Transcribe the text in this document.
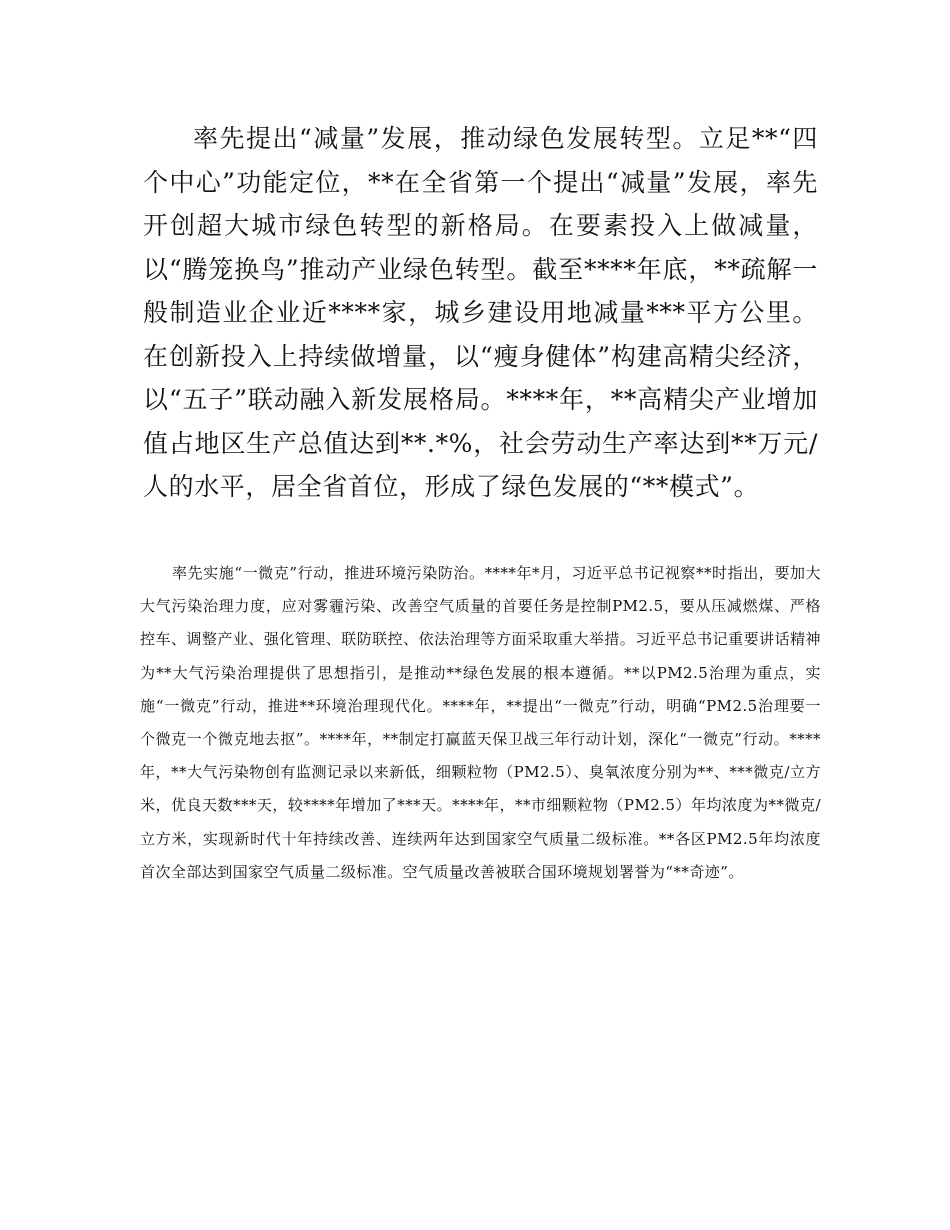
率先提出“减量”发展，推动绿色发展转型。立足**“四个中心”功能定位，**在全省第一个提出“减量”发展，率先开创超大城市绿色转型的新格局。在要素投入上做减量，以“腾笼换鸟”推动产业绿色转型。截至****年底，**疏解一般制造业企业近****家，城乡建设用地减量***平方公里。在创新投入上持续做增量，以“瘦身健体”构建高精尖经济，以“五子”联动融入新发展格局。****年，**高精尖产业增加值占地区生产总值达到**.*%，社会劳动生产率达到**万元/人的水平，居全省首位，形成了绿色发展的“**模式”。

率先实施“一微克”行动，推进环境污染防治。****年*月，习近平总书记视察**时指出，要加大大气污染治理力度，应对雾霾污染、改善空气质量的首要任务是控制PM2.5，要从压减燃煤、严格控车、调整产业、强化管理、联防联控、依法治理等方面采取重大举措。习近平总书记重要讲话精神为**大气污染治理提供了思想指引，是推动**绿色发展的根本遵循。**以PM2.5治理为重点，实施“一微克”行动，推进**环境治理现代化。****年，**提出“一微克”行动，明确“PM2.5治理要一个微克一个微克地去抠”。****年，**制定打赢蓝天保卫战三年行动计划，深化“一微克”行动。****年，**大气污染物创有监测记录以来新低，细颗粒物（PM2.5）、臭氧浓度分别为**、***微克/立方米，优良天数***天，较****年增加了***天。****年，**市细颗粒物（PM2.5）年均浓度为**微克/立方米，实现新时代十年持续改善、连续两年达到国家空气质量二级标准。**各区PM2.5年均浓度首次全部达到国家空气质量二级标准。空气质量改善被联合国环境规划署誉为“**奇迹”。
